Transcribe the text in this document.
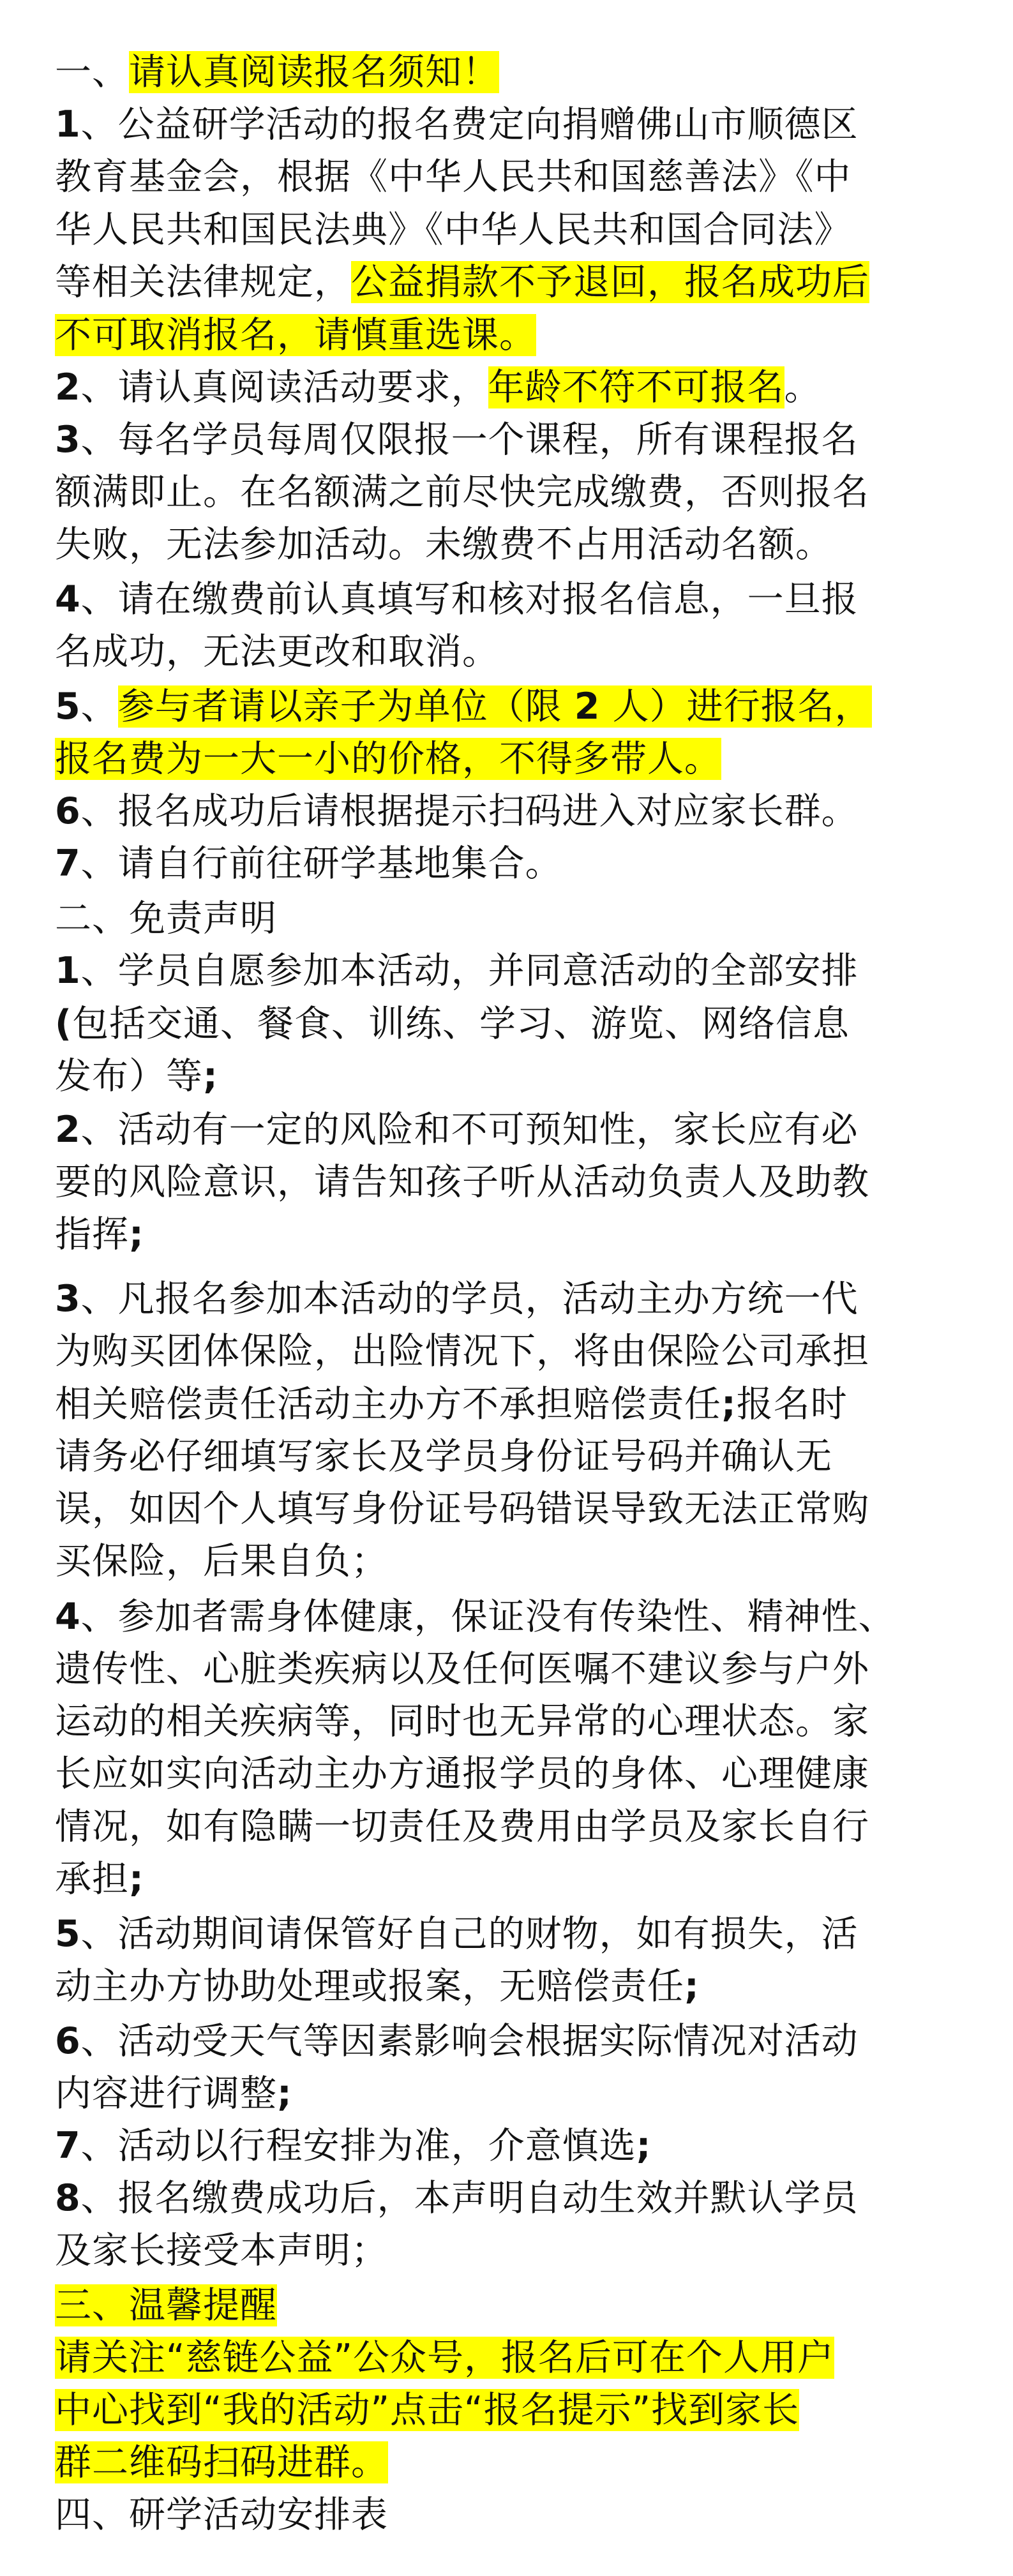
一、请认真阅读报名须知！
1、公益研学活动的报名费定向捐赠佛山市顺德区
教育基金会，根据《中华人民共和国慈善法》《中
华人民共和国民法典》《中华人民共和国合同法》
等相关法律规定，公益捐款不予退回，报名成功后
不可取消报名，请慎重选课。
2、请认真阅读活动要求，年龄不符不可报名。
3、每名学员每周仅限报一个课程，所有课程报名
额满即止。在名额满之前尽快完成缴费，否则报名
失败，无法参加活动。未缴费不占用活动名额。
4、请在缴费前认真填写和核对报名信息，一旦报
名成功，无法更改和取消。
5、参与者请以亲子为单位（限 2 人）进行报名，
报名费为一大一小的价格，不得多带人。
6、报名成功后请根据提示扫码进入对应家长群。
7、请自行前往研学基地集合。
二、免责声明
1、学员自愿参加本活动，并同意活动的全部安排
(包括交通、餐食、训练、学习、游览、网络信息
发布）等;
2、活动有一定的风险和不可预知性，家长应有必
要的风险意识，请告知孩子听从活动负责人及助教
指挥;
3、凡报名参加本活动的学员，活动主办方统一代
为购买团体保险，出险情况下，将由保险公司承担
相关赔偿责任活动主办方不承担赔偿责任;报名时
请务必仔细填写家长及学员身份证号码并确认无
误，如因个人填写身份证号码错误导致无法正常购
买保险，后果自负；
4、参加者需身体健康，保证没有传染性、精神性、
遗传性、心脏类疾病以及任何医嘱不建议参与户外
运动的相关疾病等，同时也无异常的心理状态。家
长应如实向活动主办方通报学员的身体、心理健康
情况，如有隐瞒一切责任及费用由学员及家长自行
承担;
5、活动期间请保管好自己的财物，如有损失，活
动主办方协助处理或报案，无赔偿责任;
6、活动受天气等因素影响会根据实际情况对活动
内容进行调整;
7、活动以行程安排为准，介意慎选;
8、报名缴费成功后，本声明自动生效并默认学员
及家长接受本声明；
三、温馨提醒
请关注“慈链公益”公众号，报名后可在个人用户
中心找到“我的活动”点击“报名提示”找到家长
群二维码扫码进群。
四、研学活动安排表
